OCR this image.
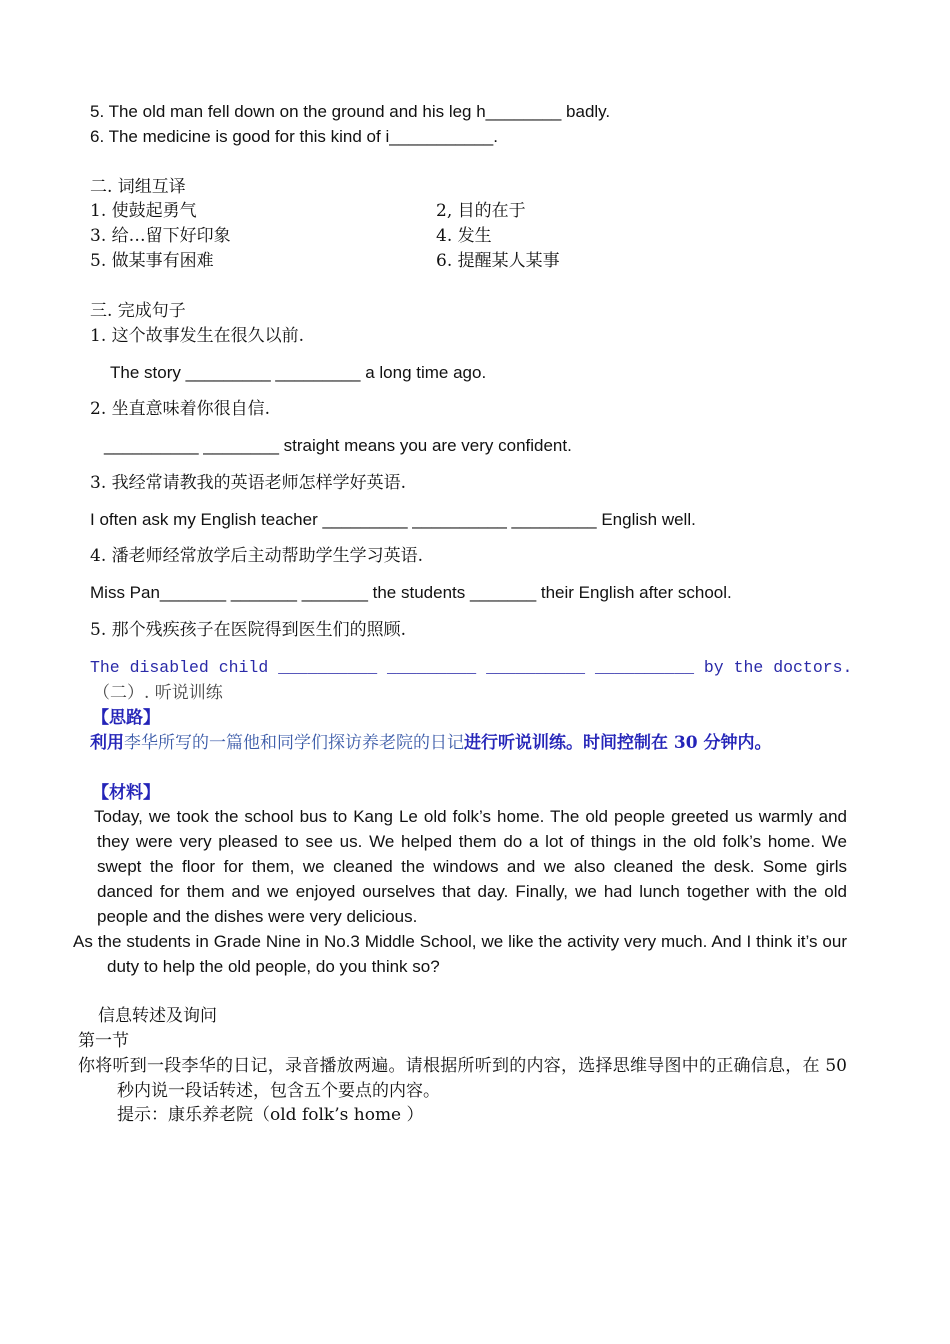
5. The old man fell down on the ground and his leg h________ badly.
6. The medicine is good for this kind of i___________.
二. 词组互译
1. 使鼓起勇气	2, 目的在于
3. 给…留下好印象	4. 发生
5. 做某事有困难	6. 提醒某人某事
三. 完成句子
1. 这个故事发生在很久以前.
The story _________ _________ a long time ago.
2. 坐直意味着你很自信.
__________ ________ straight means you are very confident.
3. 我经常请教我的英语老师怎样学好英语.
I often ask my English teacher _________ __________ _________ English well.
4. 潘老师经常放学后主动帮助学生学习英语.
Miss Pan_______ _______ _______ the students _______ their English after school.
5. 那个残疾孩子在医院得到医生们的照顾.
The disabled child __________ _________ __________ __________ by the doctors.
（二）. 听说训练
【思路】
利用李华所写的一篇他和同学们探访养老院的日记进行听说训练。时间控制在 30 分钟内。
【材料】
Today, we took the school bus to Kang Le old folk’s home. The old people greeted us warmly and they were very pleased to see us. We helped them do a lot of things in the old folk’s home. We swept the floor for them, we cleaned the windows and we also cleaned the desk. Some girls danced for them and we enjoyed ourselves that day. Finally, we had lunch together with the old people and the dishes were very delicious.
As the students in Grade Nine in No.3 Middle School, we like the activity very much. And I think it’s our duty to help the old people, do you think so?
信息转述及询问
第一节
你将听到一段李华的日记，录音播放两遍。请根据所听到的内容，选择思维导图中的正确信息，在 50 秒内说一段话转述，包含五个要点的内容。
提示：康乐养老院（old folk’s home ）
